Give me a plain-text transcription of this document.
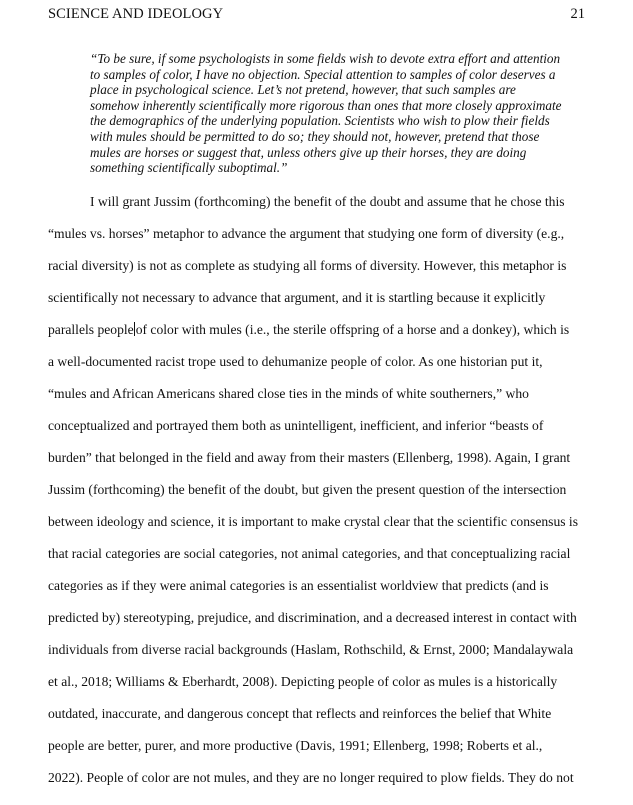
SCIENCE AND IDEOLOGY	21
“To be sure, if some psychologists in some fields wish to devote extra effort and attention
to samples of color, I have no objection. Special attention to samples of color deserves a
place in psychological science. Let’s not pretend, however, that such samples are
somehow inherently scientifically more rigorous than ones that more closely approximate
the demographics of the underlying population. Scientists who wish to plow their fields
with mules should be permitted to do so; they should not, however, pretend that those
mules are horses or suggest that, unless others give up their horses, they are doing
something scientifically suboptimal.”
I will grant Jussim (forthcoming) the benefit of the doubt and assume that he chose this
“mules vs. horses” metaphor to advance the argument that studying one form of diversity (e.g.,
racial diversity) is not as complete as studying all forms of diversity. However, this metaphor is
scientifically not necessary to advance that argument, and it is startling because it explicitly
parallels people of color with mules (i.e., the sterile offspring of a horse and a donkey), which is
a well-documented racist trope used to dehumanize people of color. As one historian put it,
“mules and African Americans shared close ties in the minds of white southerners,” who
conceptualized and portrayed them both as unintelligent, inefficient, and inferior “beasts of
burden” that belonged in the field and away from their masters (Ellenberg, 1998). Again, I grant
Jussim (forthcoming) the benefit of the doubt, but given the present question of the intersection
between ideology and science, it is important to make crystal clear that the scientific consensus is
that racial categories are social categories, not animal categories, and that conceptualizing racial
categories as if they were animal categories is an essentialist worldview that predicts (and is
predicted by) stereotyping, prejudice, and discrimination, and a decreased interest in contact with
individuals from diverse racial backgrounds (Haslam, Rothschild, & Ernst, 2000; Mandalaywala
et al., 2018; Williams & Eberhardt, 2008). Depicting people of color as mules is a historically
outdated, inaccurate, and dangerous concept that reflects and reinforces the belief that White
people are better, purer, and more productive (Davis, 1991; Ellenberg, 1998; Roberts et al.,
2022). People of color are not mules, and they are no longer required to plow fields. They do not
